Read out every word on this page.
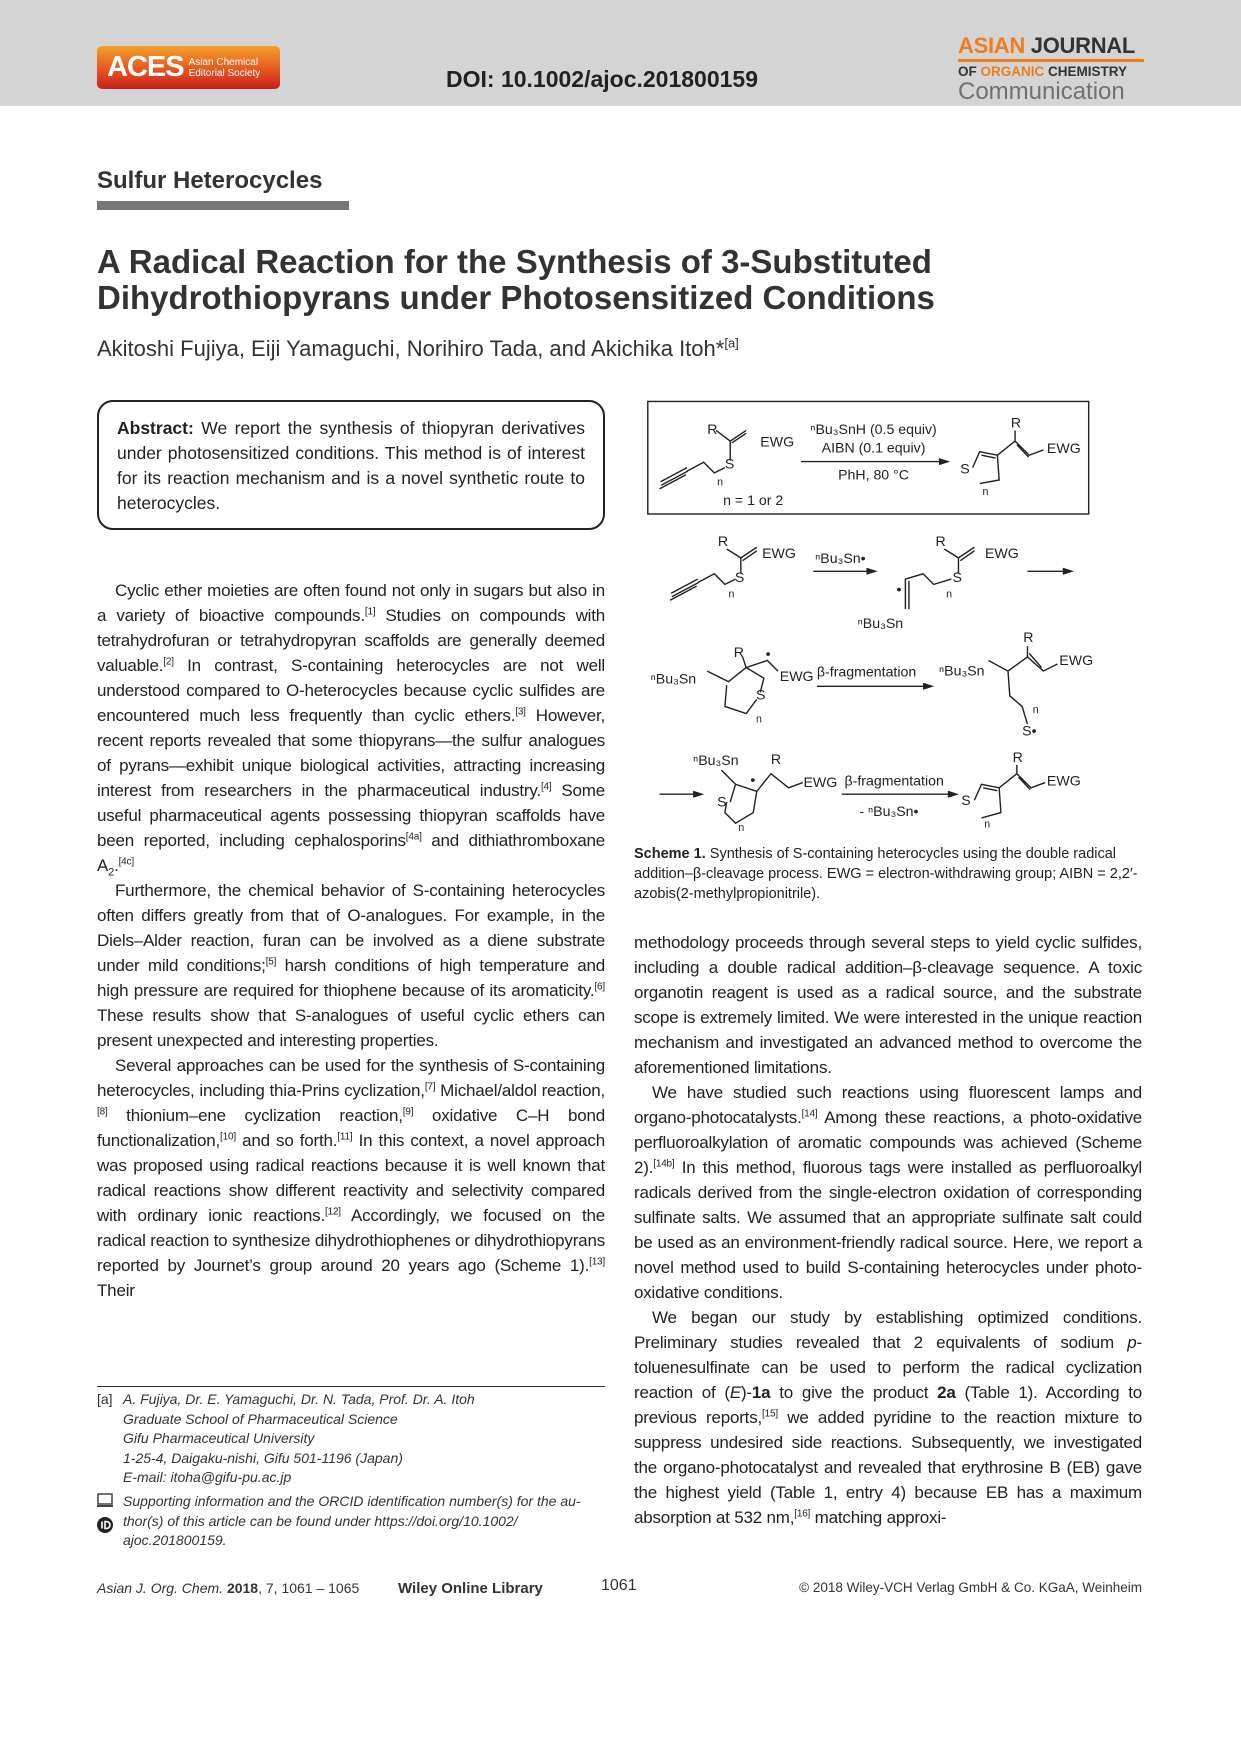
ACES Asian Chemical
Editorial Society	DOI: 10.1002/ajoc.201800159
ASIAN JOURNAL
OF ORGANIC CHEMISTRY
Communication
Sulfur Heterocycles
A Radical Reaction for the Synthesis of 3-Substituted
Dihydrothiopyrans under Photosensitized Conditions
Akitoshi Fujiya, Eiji Yamaguchi, Norihiro Tada, and Akichika Itoh*[a]
Abstract: We report the synthesis of thiopyran derivatives under photosensitized conditions. This method is of interest for its reaction mechanism and is a novel synthetic route to heterocycles.

Cyclic ether moieties are often found not only in sugars but also in a variety of bioactive compounds.[1] Studies on compounds with tetrahydrofuran or tetrahydropyran scaffolds are generally deemed valuable.[2] In contrast, S-containing heterocycles are not well understood compared to O-heterocycles because cyclic sulfides are encountered much less frequently than cyclic ethers.[3] However, recent reports revealed that some thiopyrans—the sulfur analogues of pyrans—exhibit unique biological activities, attracting increasing interest from researchers in the pharmaceutical industry.[4] Some useful pharmaceutical agents possessing thiopyran scaffolds have been reported, including cephalosporins[4a] and dithiathromboxane $A_2.[4c]$

Furthermore, the chemical behavior of S-containing heterocycles often differs greatly from that of O-analogues. For example, in the Diels–Alder reaction, furan can be involved as a diene substrate under mild conditions;[5] harsh conditions of high temperature and high pressure are required for thiophene because of its aromaticity.[6] These results show that S-analogues of useful cyclic ethers can present unexpected and interesting properties.

Several approaches can be used for the synthesis of S-containing heterocycles, including thia-Prins cyclization,[7] Michael/aldol reaction,[8] thionium–ene cyclization reaction,[9] oxidative C–H bond functionalization,[10] and so forth.[11] In this context, a novel approach was proposed using radical reactions because it is well known that radical reactions show different reactivity and selectivity compared with ordinary ionic reactions.[12] Accordingly, we focused on the radical reaction to synthesize dihydrothiophenes or dihydrothiopyrans reported by Journet’s group around 20 years ago (Scheme 1).[13] Their

methodology proceeds through several steps to yield cyclic sulfides, including a double radical addition–β-cleavage sequence. A toxic organotin reagent is used as a radical source, and the substrate scope is extremely limited. We were interested in the unique reaction mechanism and investigated an advanced method to overcome the aforementioned limitations.

We have studied such reactions using fluorescent lamps and organo-photocatalysts.[14] Among these reactions, a photo-oxidative perfluoroalkylation of aromatic compounds was achieved (Scheme 2).[14b] In this method, fluorous tags were installed as perfluoroalkyl radicals derived from the single-electron oxidation of corresponding sulfinate salts. We assumed that an appropriate sulfinate salt could be used as an environment-friendly radical source. Here, we report a novel method used to build S-containing heterocycles under photo-oxidative conditions.

We began our study by establishing optimized conditions. Preliminary studies revealed that 2 equivalents of sodium p-toluenesulfinate can be used to perform the radical cyclization reaction of (E)-1a to give the product 2a (Table 1). According to previous reports,[15] we added pyridine to the reaction mixture to suppress undesired side reactions. Subsequently, we investigated the organo-photocatalyst and revealed that erythrosine B (EB) gave the highest yield (Table 1, entry 4) because EB has a maximum absorption at 532 nm,[16] matching approxi-

R
EWG
S
n
n = 1 or 2
ⁿBu₃SnH (0.5 equiv)
AIBN (0.1 equiv)
PhH, 80 °C
R
EWG
S
n
R
EWG
S
n
ⁿBu₃Sn•
R
EWG
S
n
•
ⁿBu₃Sn
ⁿBu₃Sn
R •
EWG
S
n
β-fragmentation ⁿBu₃Sn
R
EWG
n
S•
ⁿBu₃Sn R
• EWG
S
n
β-fragmentation
- ⁿBu₃Sn•
R
EWG
S
n
Scheme 1. Synthesis of S-containing heterocycles using the double radical addition–β-cleavage process. EWG = electron-withdrawing group; AIBN = 2,2′-azobis(2-methylpropionitrile).
[a] A. Fujiya, Dr. E. Yamaguchi, Dr. N. Tada, Prof. Dr. A. Itoh
Graduate School of Pharmaceutical Science
Gifu Pharmaceutical University
1-25-4, Daigaku-nishi, Gifu 501-1196 (Japan)
E-mail: itoha@gifu-pu.ac.jp

Supporting information and the ORCID identification number(s) for the au-
thor(s) of this article can be found under https://doi.org/10.1002/
ajoc.201800159.
Asian J. Org. Chem. 2018, 7, 1061 – 1065	Wiley Online Library	1061	© 2018 Wiley-VCH Verlag GmbH & Co. KGaA, Weinheim
